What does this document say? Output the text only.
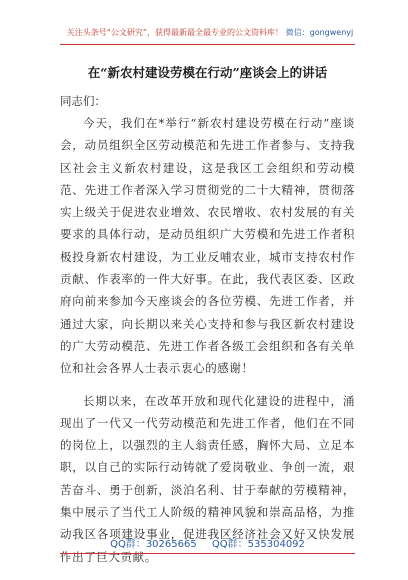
关注头条号“公文研究”，获得最新最全最专业的公文资料库！ 微信：gongwenyj
在“新农村建设劳模在行动”座谈会上的讲话
同志们：

今天，我们在*举行“新农村建设劳模在行动”座谈会，动员组织全区劳动模范和先进工作者参与、支持我区社会主义新农村建设，这是我区工会组织和劳动模范、先进工作者深入学习贯彻党的二十大精神，贯彻落实上级关于促进农业增效、农民增收、农村发展的有关要求的具体行动，是动员组织广大劳模和先进工作者积极投身新农村建设，为工业反哺农业，城市支持农村作贡献、作表率的一件大好事。在此，我代表区委、区政府向前来参加今天座谈会的各位劳模、先进工作者，并通过大家，向长期以来关心支持和参与我区新农村建设的广大劳动模范、先进工作者各级工会组织和各有关单位和社会各界人士表示衷心的感谢！

长期以来，在改革开放和现代化建设的进程中，涌现出了一代又一代劳动模范和先进工作者，他们在不同的岗位上，以强烈的主人翁责任感，胸怀大局、立足本职，以自己的实际行动铸就了爱岗敬业、争创一流，艰苦奋斗、勇于创新，淡泊名利、甘于奉献的劳模精神，集中展示了当代工人阶级的精神风貌和崇高品格，为推动我区各项建设事业，促进我区经济社会又好又快发展作出了巨大贡献。

QQ群：30265665 QQ群：535304092
